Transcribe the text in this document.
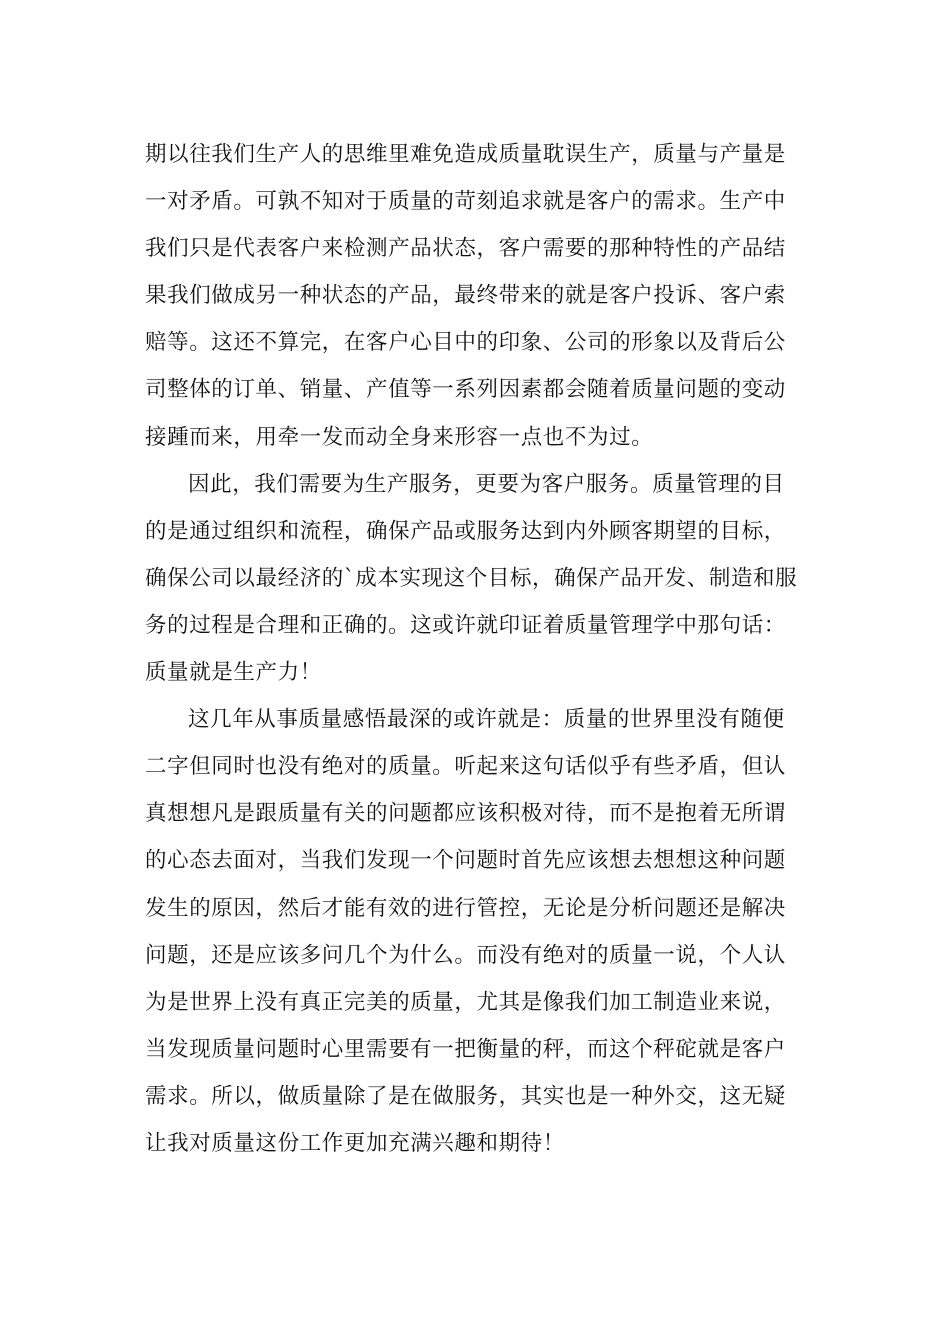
期以往我们生产人的思维里难免造成质量耽误生产，质量与产量是
一对矛盾。可孰不知对于质量的苛刻追求就是客户的需求。生产中
我们只是代表客户来检测产品状态，客户需要的那种特性的产品结
果我们做成另一种状态的产品，最终带来的就是客户投诉、客户索
赔等。这还不算完，在客户心目中的印象、公司的形象以及背后公
司整体的订单、销量、产值等一系列因素都会随着质量问题的变动
接踵而来，用牵一发而动全身来形容一点也不为过。
因此，我们需要为生产服务，更要为客户服务。质量管理的目
的是通过组织和流程，确保产品或服务达到内外顾客期望的目标，
确保公司以最经济的`成本实现这个目标，确保产品开发、制造和服
务的过程是合理和正确的。这或许就印证着质量管理学中那句话：
质量就是生产力！
这几年从事质量感悟最深的或许就是：质量的世界里没有随便
二字但同时也没有绝对的质量。听起来这句话似乎有些矛盾，但认
真想想凡是跟质量有关的问题都应该积极对待，而不是抱着无所谓
的心态去面对，当我们发现一个问题时首先应该想去想想这种问题
发生的原因，然后才能有效的进行管控，无论是分析问题还是解决
问题，还是应该多问几个为什么。而没有绝对的质量一说，个人认
为是世界上没有真正完美的质量，尤其是像我们加工制造业来说，
当发现质量问题时心里需要有一把衡量的秤，而这个秤砣就是客户
需求。所以，做质量除了是在做服务，其实也是一种外交，这无疑
让我对质量这份工作更加充满兴趣和期待！
